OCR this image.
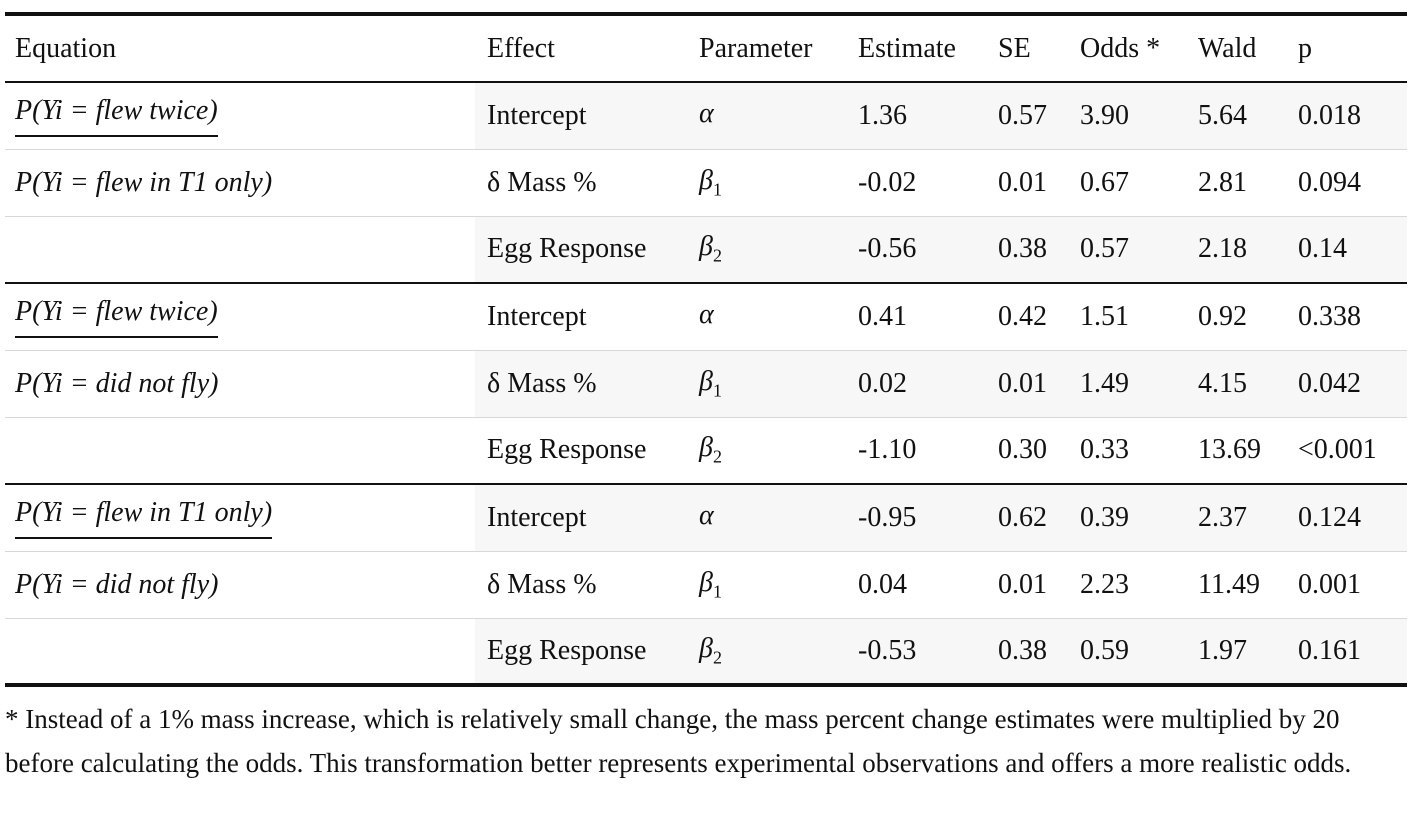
Equation	Effect	Parameter	Estimate	SE	Odds *	Wald	p
P(Yi = flew twice)	Intercept	α	1.36	0.57	3.90	5.64	0.018
P(Yi = flew in T1 only)	δ Mass %	$\beta_1$	-0.02	0.01	0.67	2.81	0.094
	Egg Response	$\beta_2$	-0.56	0.38	0.57	2.18	0.14
P(Yi = flew twice)	Intercept	α	0.41	0.42	1.51	0.92	0.338
P(Yi = did not fly)	δ Mass %	$\beta_1$	0.02	0.01	1.49	4.15	0.042
	Egg Response	$\beta_2$	-1.10	0.30	0.33	13.69	<0.001
P(Yi = flew in T1 only)	Intercept	α	-0.95	0.62	0.39	2.37	0.124
P(Yi = did not fly)	δ Mass %	$\beta_1$	0.04	0.01	2.23	11.49	0.001
	Egg Response	$\beta_2$	-0.53	0.38	0.59	1.97	0.161
* Instead of a 1% mass increase, which is relatively small change, the mass percent change estimates were multiplied by 20 before calculating the odds. This transformation better represents experimental observations and offers a more realistic odds.
